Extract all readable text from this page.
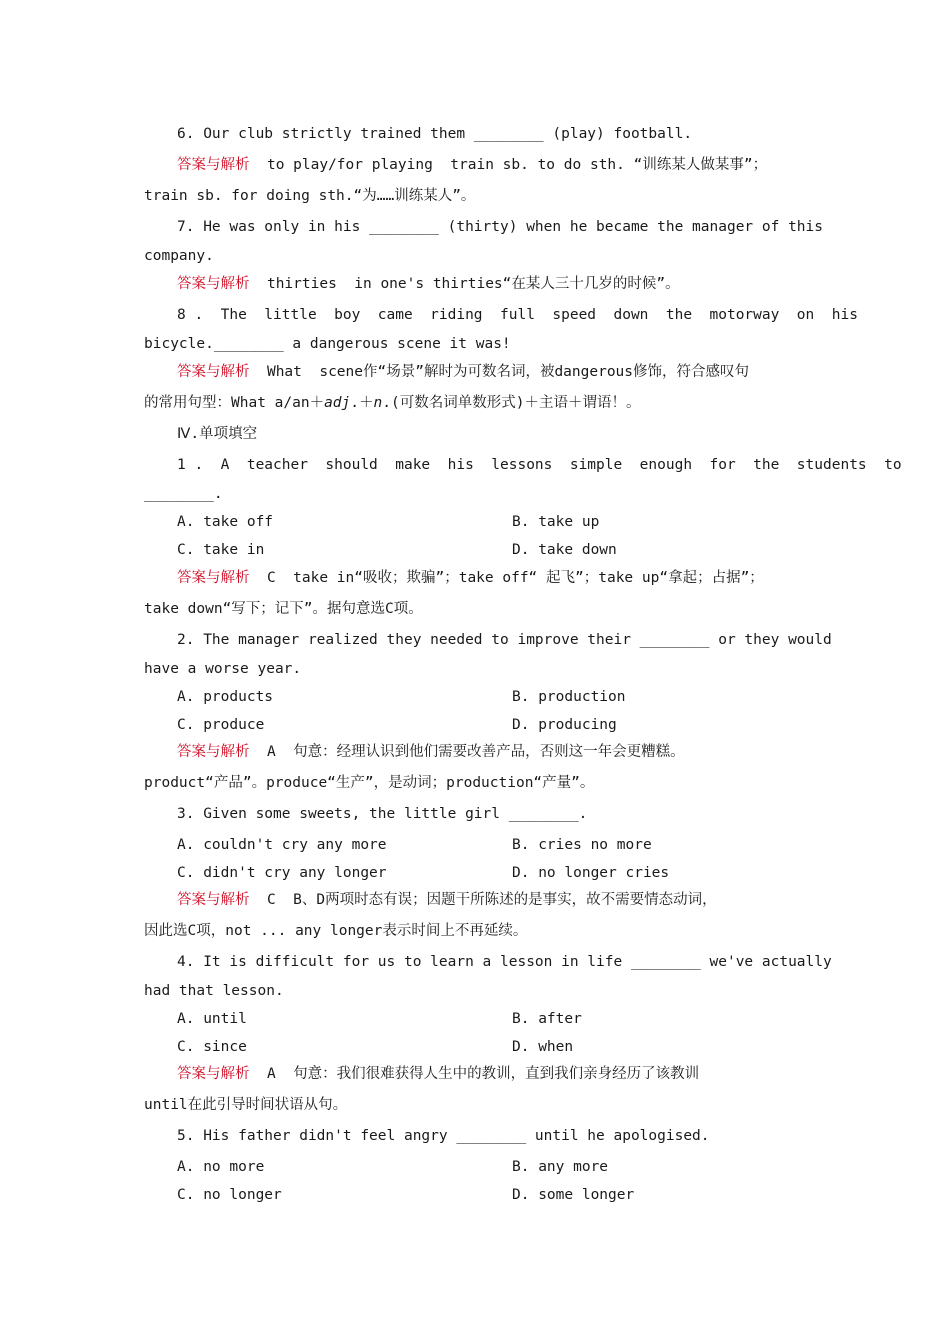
6. Our club strictly trained them ________ (play) football.
答案与解析  to play/for playing  train sb. to do sth. “训练某人做某事”；
train sb. for doing sth.“为……训练某人”。
7. He was only in his ________ (thirty) when he became the manager of this
company.
答案与解析  thirties  in one's thirties“在某人三十几岁的时候”。
8 .  The  little  boy  came  riding  full  speed  down  the  motorway  on  his
bicycle.________ a dangerous scene it was!
答案与解析  What  scene作“场景”解时为可数名词，被dangerous修饰，符合感叹句
的常用句型：What a/an＋adj.＋n.(可数名词单数形式)＋主语＋谓语！。
Ⅳ.单项填空
1 .  A  teacher  should  make  his  lessons  simple  enough  for  the  students  to
________.
A. take off	B. take up
C. take in	D. take down
答案与解析  C  take in“吸收；欺骗”；take off“ 起飞”；take up“拿起；占据”；
take down“写下；记下”。据句意选C项。
2. The manager realized they needed to improve their ________ or they would
have a worse year.
A. products	B. production
C. produce	D. producing
答案与解析  A  句意：经理认识到他们需要改善产品，否则这一年会更糟糕。
product“产品”。produce“生产”，是动词；production“产量”。
3. Given some sweets, the little girl ________.
A. couldn't cry any more	B. cries no more
C. didn't cry any longer	D. no longer cries
答案与解析  C  B、D两项时态有误；因题干所陈述的是事实，故不需要情态动词，
因此选C项，not ... any longer表示时间上不再延续。
4. It is difficult for us to learn a lesson in life ________ we've actually
had that lesson.
A. until	B. after
C. since	D. when
答案与解析  A  句意：我们很难获得人生中的教训，直到我们亲身经历了该教训
until在此引导时间状语从句。
5. His father didn't feel angry ________ until he apologised.
A. no more	B. any more
C. no longer	D. some longer
